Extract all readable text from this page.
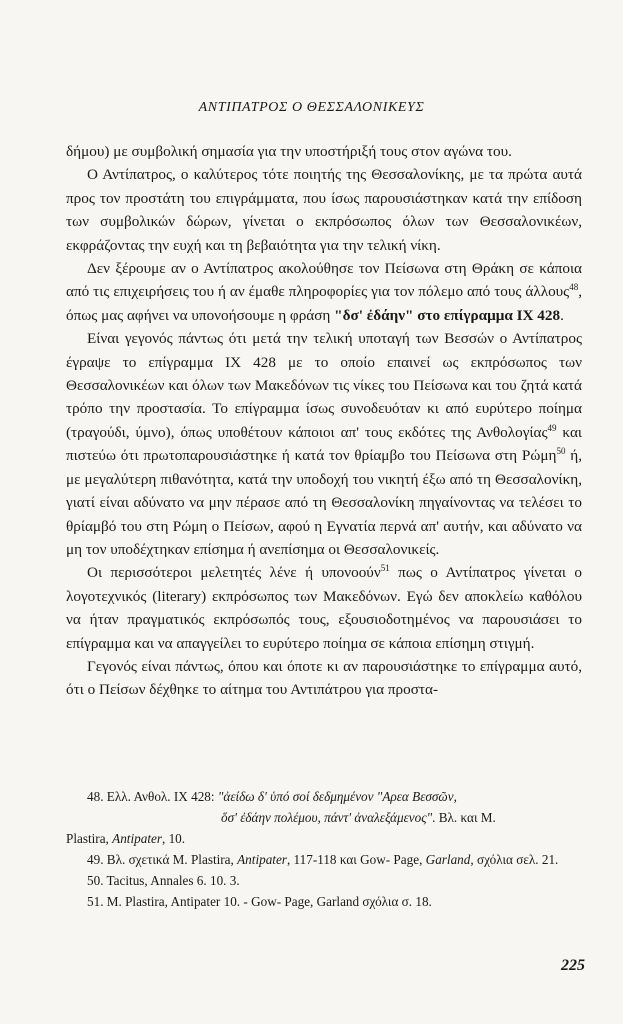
ΑΝΤΙΠΑΤΡΟΣ Ο ΘΕΣΣΑΛΟΝΙΚΕΥΣ

δήμου) με συμβολική σημασία για την υποστήριξή τους στον αγώνα του.

Ο Αντίπατρος, ο καλύτερος τότε ποιητής της Θεσσαλονίκης, με τα πρώτα αυτά προς τον προστάτη του επιγράμματα, που ίσως παρουσιάστηκαν κατά την επίδοση των συμβολικών δώρων, γίνεται ο εκπρόσωπος όλων των Θεσσαλονικέων, εκφράζοντας την ευχή και τη βεβαιότητα για την τελική νίκη.

Δεν ξέρουμε αν ο Αντίπατρος ακολούθησε τον Πείσωνα στη Θράκη σε κάποια από τις επιχειρήσεις του ή αν έμαθε πληροφορίες για τον πόλεμο από τους άλλους$^{48}$, όπως μας αφήνει να υπονοήσουμε η φράση "δσ' ἐδάην" στο επίγραμμα IX 428.

Είναι γεγονός πάντως ότι μετά την τελική υποταγή των Βεσσών ο Αντίπατρος έγραψε το επίγραμμα IX 428 με το οποίο επαινεί ως εκπρόσωπος των Θεσσαλονικέων και όλων των Μακεδόνων τις νίκες του Πείσωνα και του ζητά κατά τρόπο την προστασία. Το επίγραμμα ίσως συνοδευόταν κι από ευρύτερο ποίημα (τραγούδι, ύμνο), όπως υποθέτουν κάποιοι απ' τους εκδότες της Ανθολογίας$^{49}$ και πιστεύω ότι πρωτοπαρουσιάστηκε ή κατά τον θρίαμβο του Πείσωνα στη Ρώμη$^{50}$ ή, με μεγαλύτερη πιθανότητα, κατά την υποδοχή του νικητή έξω από τη Θεσσαλονίκη, γιατί είναι αδύνατο να μην πέρασε από τη Θεσσαλονίκη πηγαίνοντας να τελέσει το θρίαμβό του στη Ρώμη ο Πείσων, αφού η Εγνατία περνά απ' αυτήν, και αδύνατο να μη τον υποδέχτηκαν επίσημα ή ανεπίσημα οι Θεσσαλονικείς.

Οι περισσότεροι μελετητές λένε ή υπονοούν$^{51}$ πως ο Αντίπατρος γίνεται ο λογοτεχνικός (literary) εκπρόσωπος των Μακεδόνων. Εγώ δεν αποκλείω καθόλου να ήταν πραγματικός εκπρόσωπός τους, εξουσιοδοτημένος να παρουσιάσει το επίγραμμα και να απαγγείλει το ευρύτερο ποίημα σε κάποια επίσημη στιγμή.

Γεγονός είναι πάντως, όπου και όποτε κι αν παρουσιάστηκε το επίγραμμα αυτό, ότι ο Πείσων δέχθηκε το αίτημα του Αντιπάτρου για προστα-

48. Ελλ. Ανθολ. IX 428: "ἀείδω δ' ὑπό σοί δεδμημένον "Αρεα Βεσσῶν,

ὅσ' ἐδάην πολέμου, πάντ' ἀναλεξάμενος". Βλ. και M.

Plastira, Antipater, 10.

49. Βλ. σχετικά M. Plastira, Antipater, 117-118 και Gow- Page, Garland, σχόλια σελ. 21.

50. Tacitus, Annales 6. 10. 3.

51. M. Plastira, Antipater 10. - Gow- Page, Garland σχόλια σ. 18.

225
